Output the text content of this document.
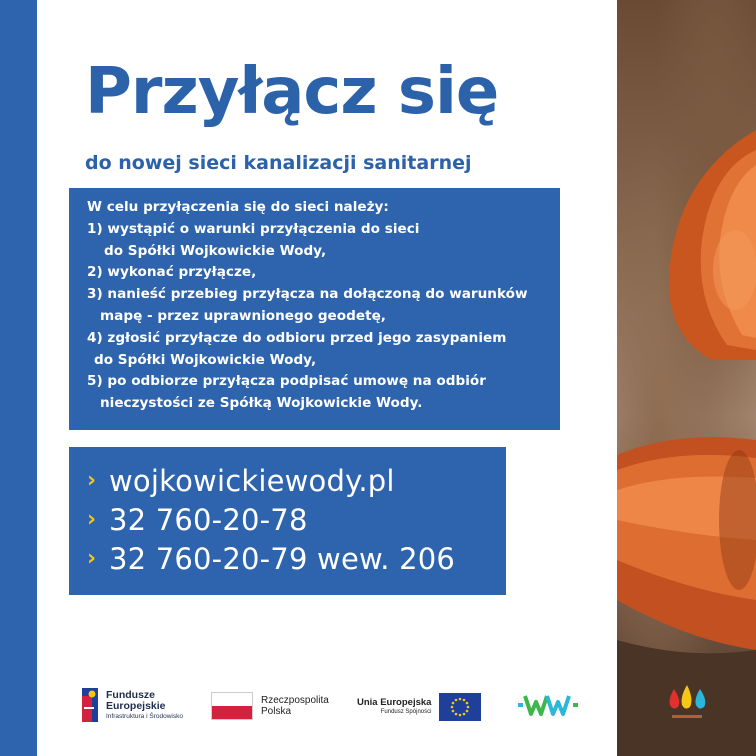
Przyłącz się
do nowej sieci kanalizacji sanitarnej
W celu przyłączenia się do sieci należy:
1) wystąpić o warunki przyłączenia do sieci
do Spółki Wojkowickie Wody,
2) wykonać przyłącze,
3) nanieść przebieg przyłącza na dołączoną do warunków
mapę - przez uprawnionego geodetę,
4) zgłosić przyłącze do odbioru przed jego zasypaniem
do Spółki Wojkowickie Wody,
5) po odbiorze przyłącza podpisać umowę na odbiór
nieczystości ze Spółką Wojkowickie Wody.
› wojkowickiewody.pl
› 32 760-20-78
› 32 760-20-79 wew. 206
Fundusze
Europejskie
Infrastruktura i Środowisko
Rzeczpospolita
Polska
Unia Europejska
Fundusz Spójności
